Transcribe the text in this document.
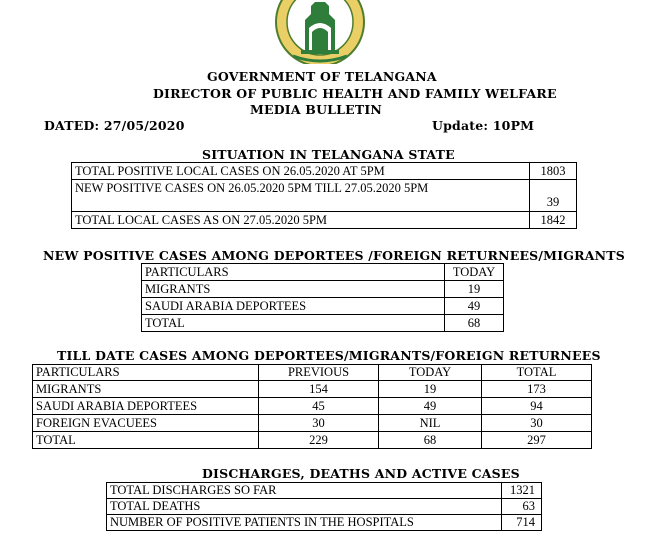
GOVERNMENT OF TELANGANA
DIRECTOR OF PUBLIC HEALTH AND FAMILY WELFARE
MEDIA BULLETIN
DATED: 27/05/2020	Update: 10PM
SITUATION IN TELANGANA STATE
TOTAL POSITIVE LOCAL CASES ON 26.05.2020 AT 5PM	1803
NEW POSITIVE CASES ON 26.05.2020 5PM TILL 27.05.2020 5PM	39
TOTAL LOCAL CASES AS ON 27.05.2020 5PM	1842
NEW POSITIVE CASES AMONG DEPORTEES /FOREIGN RETURNEES/MIGRANTS
PARTICULARS	TODAY
MIGRANTS	19
SAUDI ARABIA DEPORTEES	49
TOTAL	68
TILL DATE CASES AMONG DEPORTEES/MIGRANTS/FOREIGN RETURNEES
PARTICULARS	PREVIOUS	TODAY	TOTAL
MIGRANTS	154	19	173
SAUDI ARABIA DEPORTEES	45	49	94
FOREIGN EVACUEES	30	NIL	30
TOTAL	229	68	297
DISCHARGES, DEATHS AND ACTIVE CASES
TOTAL DISCHARGES SO FAR	1321
TOTAL DEATHS	63
NUMBER OF POSITIVE PATIENTS IN THE HOSPITALS	714
